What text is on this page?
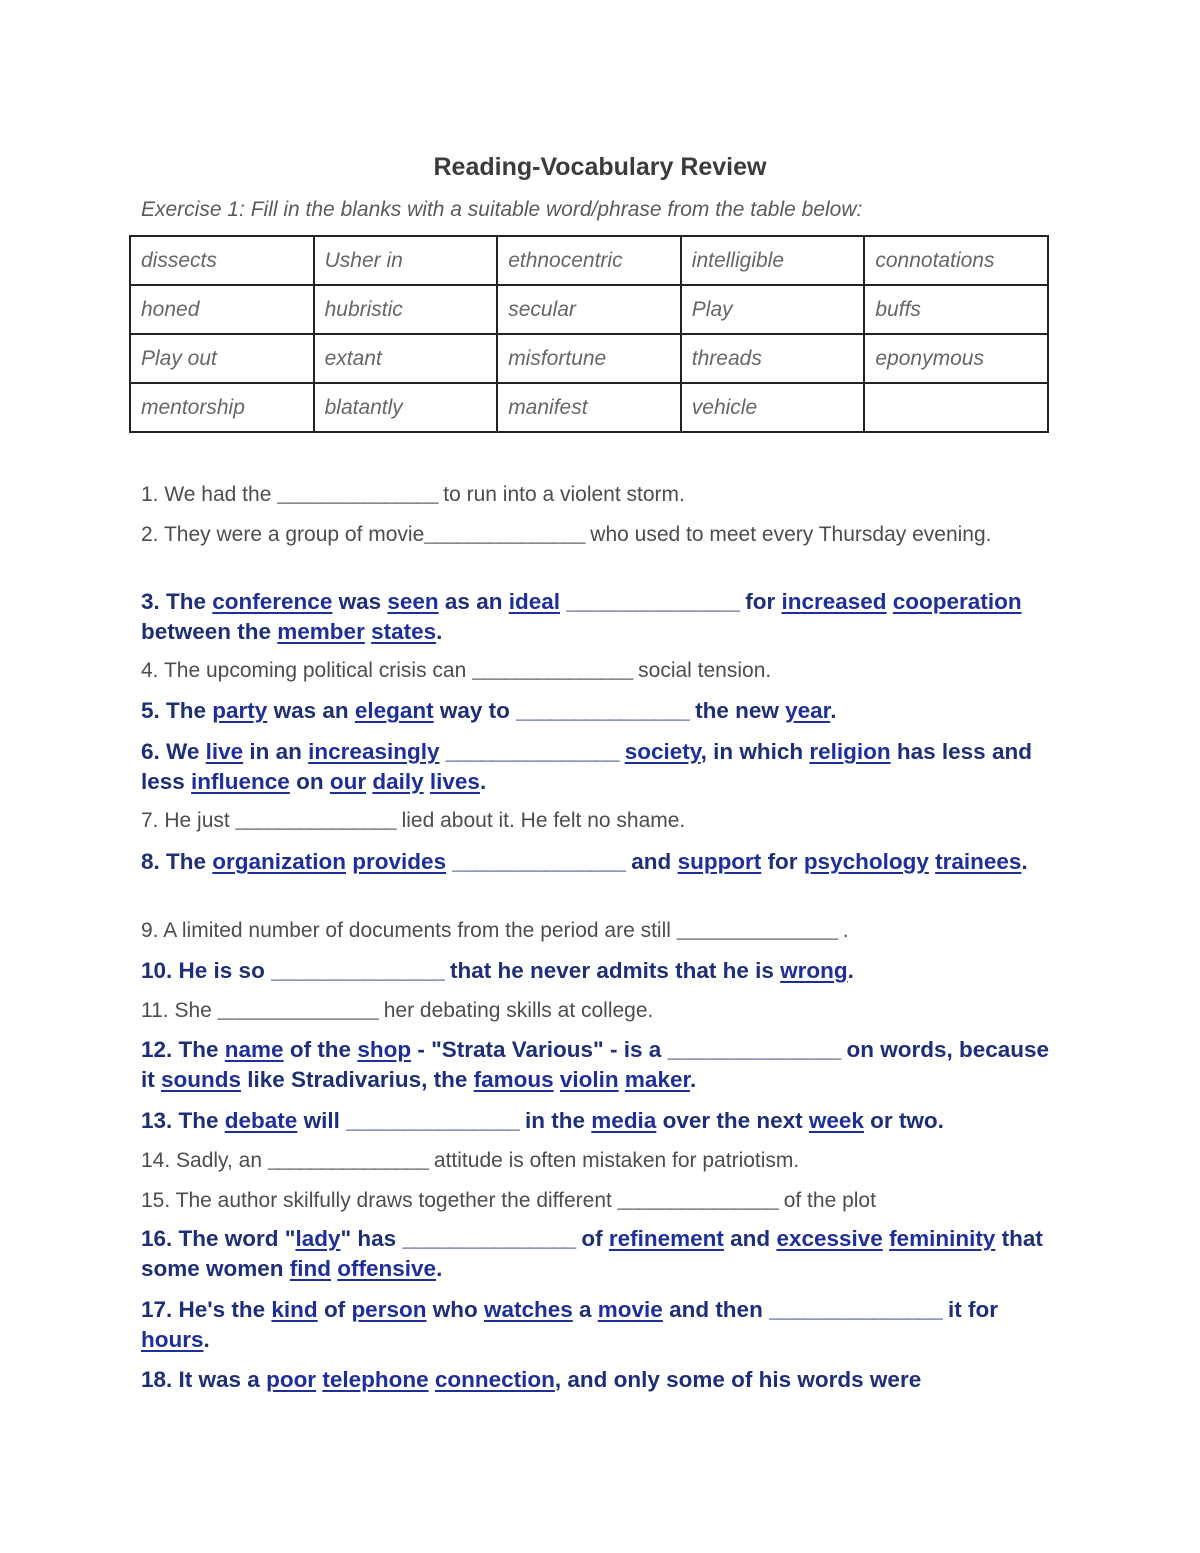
Reading-Vocabulary Review
Exercise 1: Fill in the blanks with a suitable word/phrase from the table below:
dissects	Usher in	ethnocentric	intelligible	connotations
honed	hubristic	secular	Play	buffs
Play out	extant	misfortune	threads	eponymous
mentorship	blatantly	manifest	vehicle	
1. We had the _______________ to run into a violent storm.
2. They were a group of movie_______________ who used to meet every Thursday evening.
3. The conference was seen as an ideal _______________ for increased cooperation between the member states.
4. The upcoming political crisis can _______________ social tension.
5. The party was an elegant way to _______________ the new year.
6. We live in an increasingly _______________ society, in which religion has less and less influence on our daily lives.
7. He just _______________ lied about it. He felt no shame.
8. The organization provides _______________ and support for psychology trainees.
9. A limited number of documents from the period are still _______________ .
10. He is so _______________ that he never admits that he is wrong.
11. She _______________ her debating skills at college.
12. The name of the shop - "Strata Various" - is a _______________ on words, because it sounds like Stradivarius, the famous violin maker.
13. The debate will _______________ in the media over the next week or two.
14. Sadly, an _______________ attitude is often mistaken for patriotism.
15. The author skilfully draws together the different _______________ of the plot
16. The word "lady" has _______________ of refinement and excessive femininity that some women find offensive.
17. He's the kind of person who watches a movie and then _______________ it for hours.
18. It was a poor telephone connection, and only some of his words were
